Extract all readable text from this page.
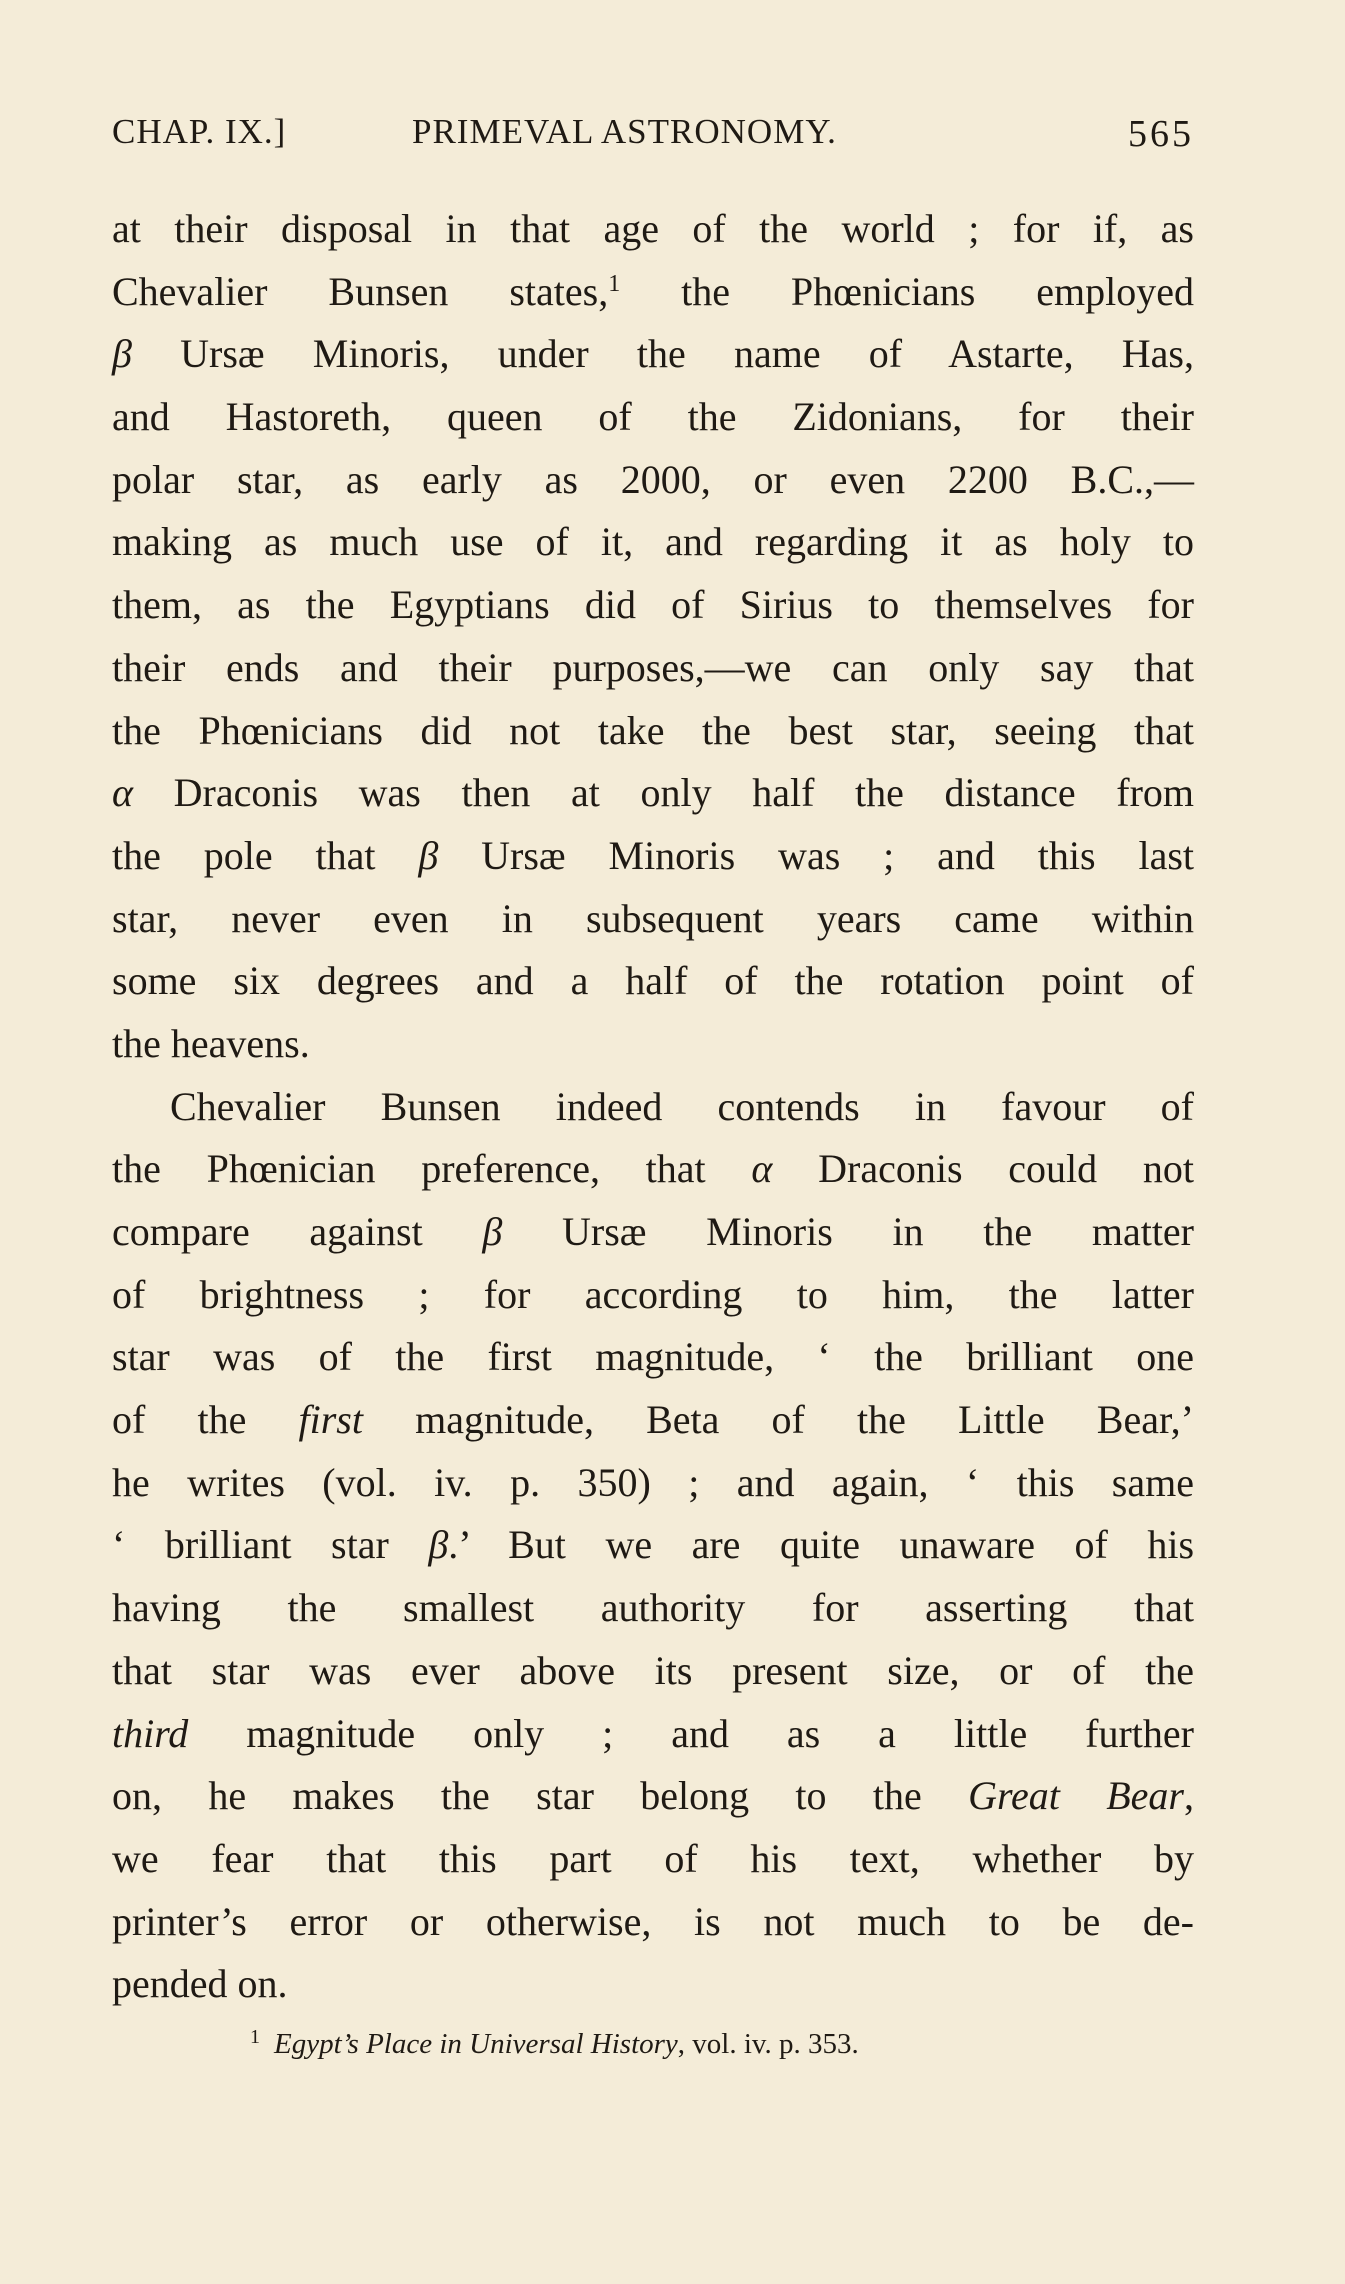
CHAP. IX.]	PRIMEVAL ASTRONOMY.	565
at their disposal in that age of the world ; for if, as
Chevalier Bunsen states,$^1$ the Phœnicians employed
β Ursæ Minoris, under the name of Astarte, Has,
and Hastoreth, queen of the Zidonians, for their
polar star, as early as 2000, or even 2200 B.C.,—
making as much use of it, and regarding it as holy to
them, as the Egyptians did of Sirius to themselves for
their ends and their purposes,—we can only say that
the Phœnicians did not take the best star, seeing that
α Draconis was then at only half the distance from
the pole that β Ursæ Minoris was ; and this last
star, never even in subsequent years came within
some six degrees and a half of the rotation point of
the heavens.
Chevalier Bunsen indeed contends in favour of
the Phœnician preference, that α Draconis could not
compare against β Ursæ Minoris in the matter
of brightness ; for according to him, the latter
star was of the first magnitude, ‘ the brilliant one
of the first magnitude, Beta of the Little Bear,’
he writes (vol. iv. p. 350) ; and again, ‘ this same
‘ brilliant star β.’ But we are quite unaware of his
having the smallest authority for asserting that
that star was ever above its present size, or of the
third magnitude only ; and as a little further
on, he makes the star belong to the Great Bear,
we fear that this part of his text, whether by
printer’s error or otherwise, is not much to be de-
pended on.
$^1$ Egypt’s Place in Universal History, vol. iv. p. 353.
